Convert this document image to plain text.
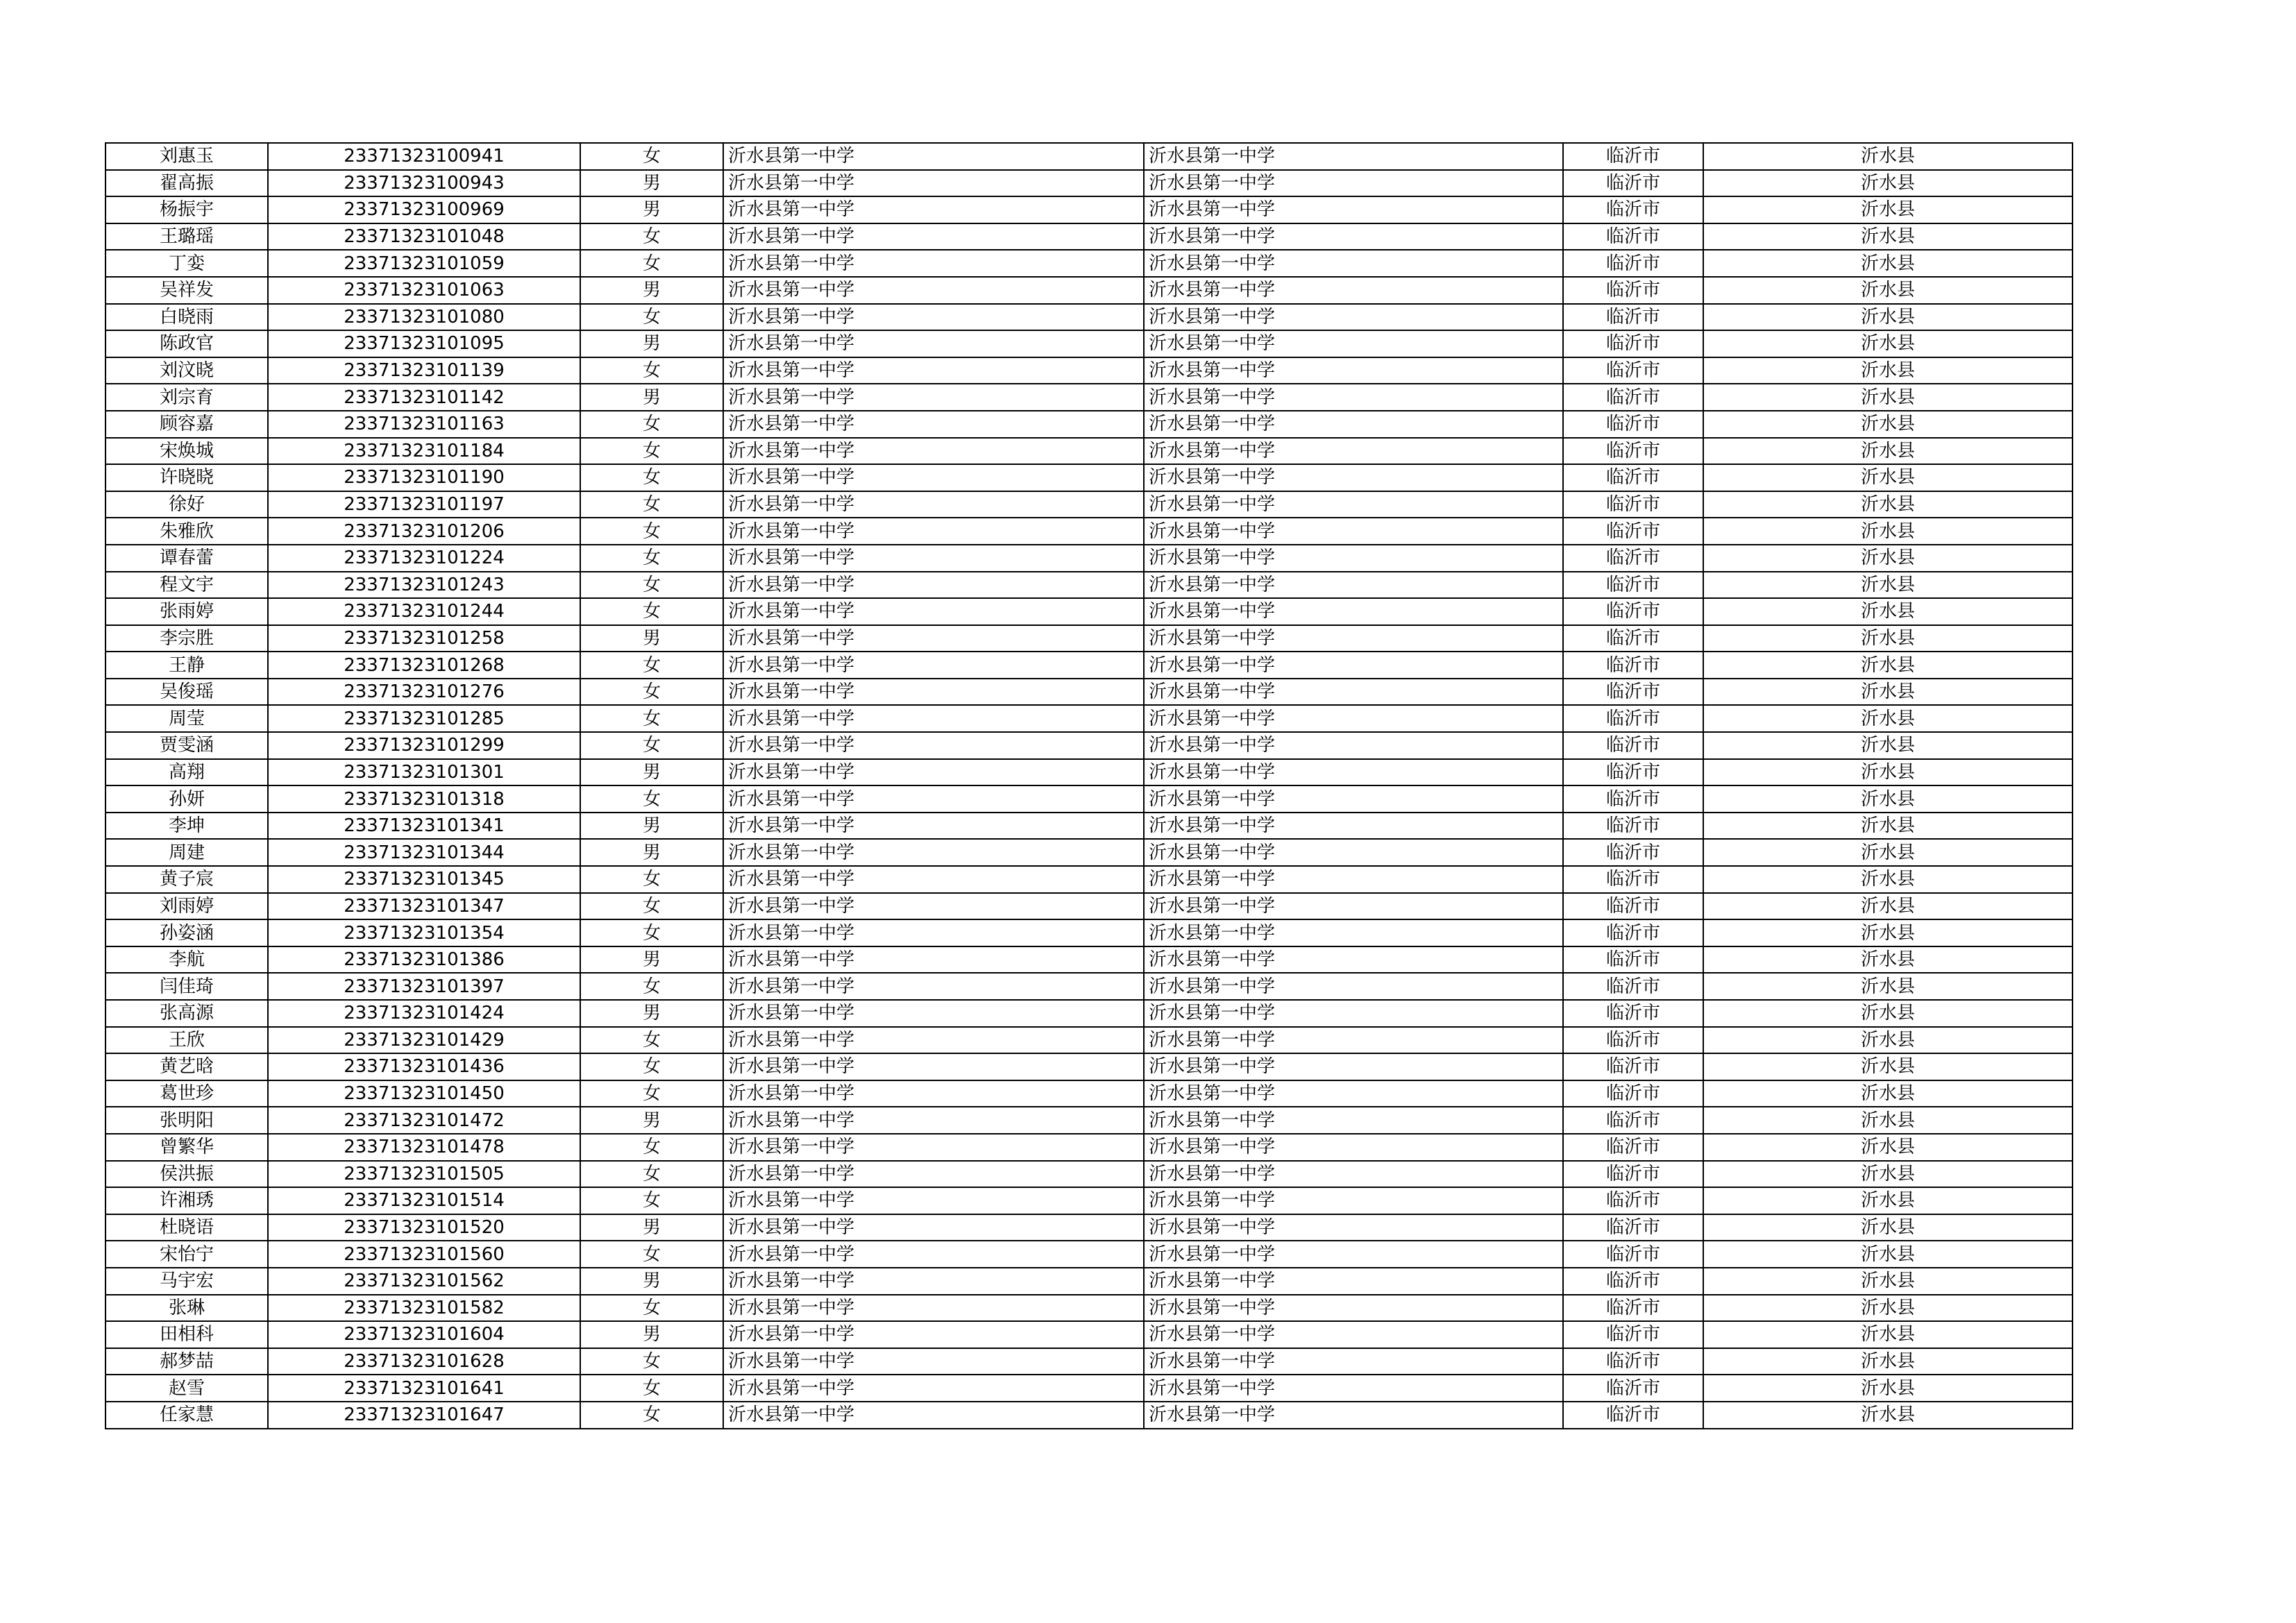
刘惠玉	23371323100941	女	沂水县第一中学	沂水县第一中学	临沂市	沂水县
翟高振	23371323100943	男	沂水县第一中学	沂水县第一中学	临沂市	沂水县
杨振宇	23371323100969	男	沂水县第一中学	沂水县第一中学	临沂市	沂水县
王璐瑶	23371323101048	女	沂水县第一中学	沂水县第一中学	临沂市	沂水县
丁娈	23371323101059	女	沂水县第一中学	沂水县第一中学	临沂市	沂水县
吴祥发	23371323101063	男	沂水县第一中学	沂水县第一中学	临沂市	沂水县
白晓雨	23371323101080	女	沂水县第一中学	沂水县第一中学	临沂市	沂水县
陈政官	23371323101095	男	沂水县第一中学	沂水县第一中学	临沂市	沂水县
刘汶晓	23371323101139	女	沂水县第一中学	沂水县第一中学	临沂市	沂水县
刘宗育	23371323101142	男	沂水县第一中学	沂水县第一中学	临沂市	沂水县
顾容嘉	23371323101163	女	沂水县第一中学	沂水县第一中学	临沂市	沂水县
宋焕城	23371323101184	女	沂水县第一中学	沂水县第一中学	临沂市	沂水县
许晓晓	23371323101190	女	沂水县第一中学	沂水县第一中学	临沂市	沂水县
徐好	23371323101197	女	沂水县第一中学	沂水县第一中学	临沂市	沂水县
朱雅欣	23371323101206	女	沂水县第一中学	沂水县第一中学	临沂市	沂水县
谭春蕾	23371323101224	女	沂水县第一中学	沂水县第一中学	临沂市	沂水县
程文宇	23371323101243	女	沂水县第一中学	沂水县第一中学	临沂市	沂水县
张雨婷	23371323101244	女	沂水县第一中学	沂水县第一中学	临沂市	沂水县
李宗胜	23371323101258	男	沂水县第一中学	沂水县第一中学	临沂市	沂水县
王静	23371323101268	女	沂水县第一中学	沂水县第一中学	临沂市	沂水县
吴俊瑶	23371323101276	女	沂水县第一中学	沂水县第一中学	临沂市	沂水县
周莹	23371323101285	女	沂水县第一中学	沂水县第一中学	临沂市	沂水县
贾雯涵	23371323101299	女	沂水县第一中学	沂水县第一中学	临沂市	沂水县
高翔	23371323101301	男	沂水县第一中学	沂水县第一中学	临沂市	沂水县
孙妍	23371323101318	女	沂水县第一中学	沂水县第一中学	临沂市	沂水县
李坤	23371323101341	男	沂水县第一中学	沂水县第一中学	临沂市	沂水县
周建	23371323101344	男	沂水县第一中学	沂水县第一中学	临沂市	沂水县
黄子宸	23371323101345	女	沂水县第一中学	沂水县第一中学	临沂市	沂水县
刘雨婷	23371323101347	女	沂水县第一中学	沂水县第一中学	临沂市	沂水县
孙姿涵	23371323101354	女	沂水县第一中学	沂水县第一中学	临沂市	沂水县
李航	23371323101386	男	沂水县第一中学	沂水县第一中学	临沂市	沂水县
闫佳琦	23371323101397	女	沂水县第一中学	沂水县第一中学	临沂市	沂水县
张高源	23371323101424	男	沂水县第一中学	沂水县第一中学	临沂市	沂水县
王欣	23371323101429	女	沂水县第一中学	沂水县第一中学	临沂市	沂水县
黄艺晗	23371323101436	女	沂水县第一中学	沂水县第一中学	临沂市	沂水县
葛世珍	23371323101450	女	沂水县第一中学	沂水县第一中学	临沂市	沂水县
张明阳	23371323101472	男	沂水县第一中学	沂水县第一中学	临沂市	沂水县
曾繁华	23371323101478	女	沂水县第一中学	沂水县第一中学	临沂市	沂水县
侯洪振	23371323101505	女	沂水县第一中学	沂水县第一中学	临沂市	沂水县
许湘琇	23371323101514	女	沂水县第一中学	沂水县第一中学	临沂市	沂水县
杜晓语	23371323101520	男	沂水县第一中学	沂水县第一中学	临沂市	沂水县
宋怡宁	23371323101560	女	沂水县第一中学	沂水县第一中学	临沂市	沂水县
马宇宏	23371323101562	男	沂水县第一中学	沂水县第一中学	临沂市	沂水县
张琳	23371323101582	女	沂水县第一中学	沂水县第一中学	临沂市	沂水县
田相科	23371323101604	男	沂水县第一中学	沂水县第一中学	临沂市	沂水县
郝梦喆	23371323101628	女	沂水县第一中学	沂水县第一中学	临沂市	沂水县
赵雪	23371323101641	女	沂水县第一中学	沂水县第一中学	临沂市	沂水县
任家慧	23371323101647	女	沂水县第一中学	沂水县第一中学	临沂市	沂水县
